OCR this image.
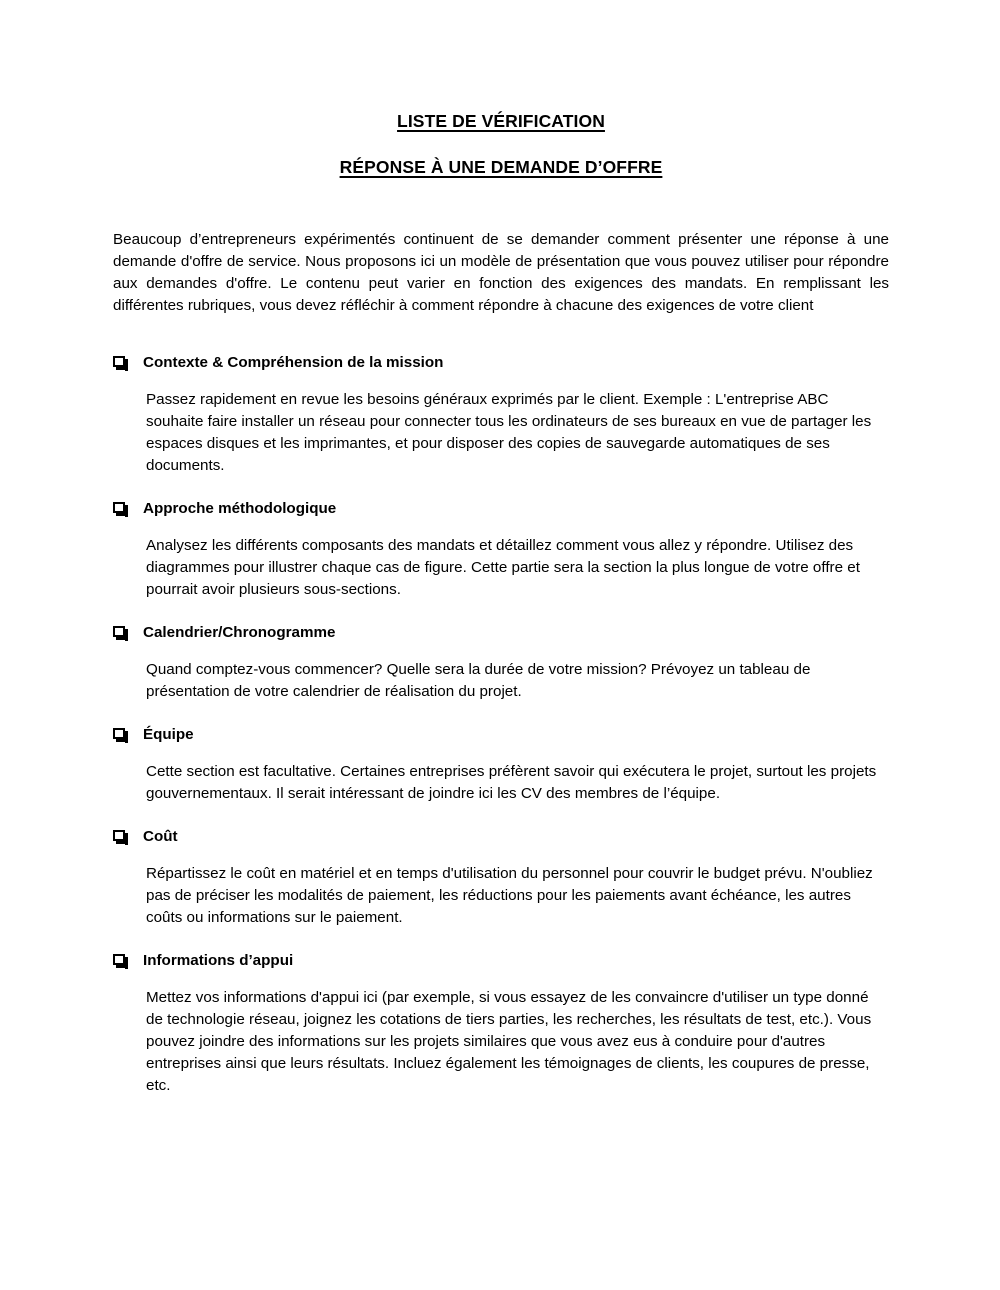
LISTE DE VÉRIFICATION
RÉPONSE À UNE DEMANDE D’OFFRE

Beaucoup d’entrepreneurs expérimentés continuent de se demander comment présenter une réponse à une demande d'offre de service. Nous proposons ici un modèle de présentation que vous pouvez utiliser pour répondre aux demandes d'offre. Le contenu peut varier en fonction des exigences des mandats. En remplissant les différentes rubriques, vous devez réfléchir à comment répondre à chacune des exigences de votre client

Contexte & Compréhension de la mission

Passez rapidement en revue les besoins généraux exprimés par le client. Exemple : L'entreprise ABC souhaite faire installer un réseau pour connecter tous les ordinateurs de ses bureaux en vue de partager les espaces disques et les imprimantes, et pour disposer des copies de sauvegarde automatiques de ses documents.

Approche méthodologique

Analysez les différents composants des mandats et détaillez comment vous allez y répondre. Utilisez des diagrammes pour illustrer chaque cas de figure. Cette partie sera la section la plus longue de votre offre et pourrait avoir plusieurs sous-sections.

Calendrier/Chronogramme

Quand comptez-vous commencer? Quelle sera la durée de votre mission? Prévoyez un tableau de présentation de votre calendrier de réalisation du projet.

Équipe

Cette section est facultative. Certaines entreprises préfèrent savoir qui exécutera le projet, surtout les projets gouvernementaux. Il serait intéressant de joindre ici les CV des membres de l’équipe.

Coût

Répartissez le coût en matériel et en temps d'utilisation du personnel pour couvrir le budget prévu. N'oubliez pas de préciser les modalités de paiement, les réductions pour les paiements avant échéance, les autres coûts ou informations sur le paiement.

Informations d’appui

Mettez vos informations d'appui ici (par exemple, si vous essayez de les convaincre d'utiliser un type donné de technologie réseau, joignez les cotations de tiers parties, les recherches, les résultats de test, etc.). Vous pouvez joindre des informations sur les projets similaires que vous avez eus à conduire pour d'autres entreprises ainsi que leurs résultats. Incluez également les témoignages de clients, les coupures de presse, etc.
